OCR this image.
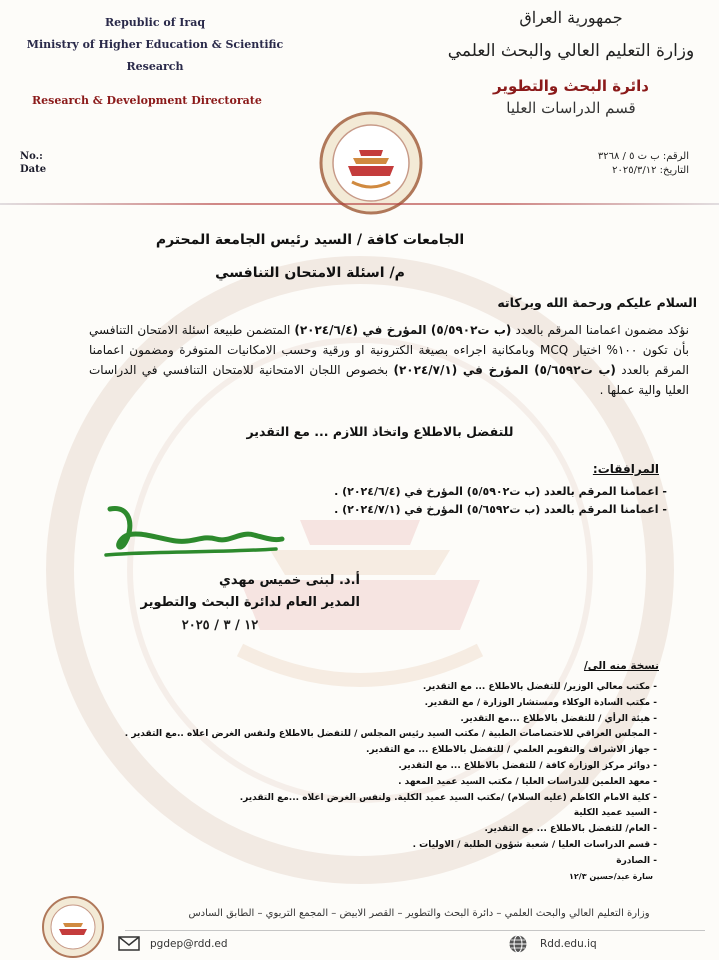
Republic of Iraq
Ministry of Higher Education & Scientific
Research
Research & Development Directorate
No.:
Date
جمهورية العراق
وزارة التعليم العالي والبحث العلمي
دائرة البحث والتطوير
قسم الدراسات العليا
الرقم: ب ت ٥ / ٣٢٦٨
التاريخ: ٢٠٢٥/٣/١٢
الجامعات كافة / السيد رئيس الجامعة المحترم
م/ اسئلة الامتحان التنافسي
السلام عليكم ورحمة الله وبركاته
نؤكد مضمون اعمامنا المرقم بالعدد (ب ت٥/٥٩٠٢) المؤرخ في (٢٠٢٤/٦/٤) المتضمن طبيعة اسئلة الامتحان التنافسي بأن تكون ١٠٠% اختيار MCQ وبامكانية اجراءه بصيغة الكترونية او ورقية وحسب الامكانيات المتوفرة ومضمون اعمامنا المرقم بالعدد (ب ت٥/٦٥٩٢) المؤرخ في (٢٠٢٤/٧/١) بخصوص اللجان الامتحانية للامتحان التنافسي في الدراسات العليا والية عملها .
للتفضل بالاطلاع واتخاذ اللازم ... مع التقدير
المرافقات:
- اعمامنا المرقم بالعدد (ب ت٥/٥٩٠٢) المؤرخ في (٢٠٢٤/٦/٤) .
- اعمامنا المرقم بالعدد (ب ت٥/٦٥٩٢) المؤرخ في (٢٠٢٤/٧/١) .
أ.د. لبنى خميس مهدي
المدير العام لدائرة البحث والتطوير
١٢ / ٣ / ٢٠٢٥
نسخة منه الى/
- مكتب معالي الوزير/ للتفضل بالاطلاع ... مع التقدير.
- مكتب السادة الوكلاء ومستشار الوزارة / مع التقدير.
- هيئة الرأي / للتفضل بالاطلاع ...مع التقدير.
- المجلس العراقي للاختصاصات الطبية / مكتب السيد رئيس المجلس / للتفضل بالاطلاع ولنفس الغرض اعلاه ..مع التقدير .
- جهاز الاشراف والتقويم العلمي / للتفضل بالاطلاع ... مع التقدير.
- دوائر مركز الوزارة كافة / للتفضل بالاطلاع ... مع التقدير.
- معهد العلمين للدراسات العليا / مكتب السيد عميد المعهد .
- كلية الامام الكاظم (عليه السلام) /مكتب السيد عميد الكلية. ولنفس الغرض اعلاه ...مع التقدير.
- السيد عميد الكلية
- العام/ للتفضل بالاطلاع ... مع التقدير.
- قسم الدراسات العليا / شعبة شؤون الطلبة / الاوليات .
- الصادرة
سارة عبد/حسين ١٢/٣
وزارة التعليم العالي والبحث العلمي – دائرة البحث والتطوير – القصر الابيض – المجمع التربوي – الطابق السادس
pgdep@rdd.ed	Rdd.edu.iq
